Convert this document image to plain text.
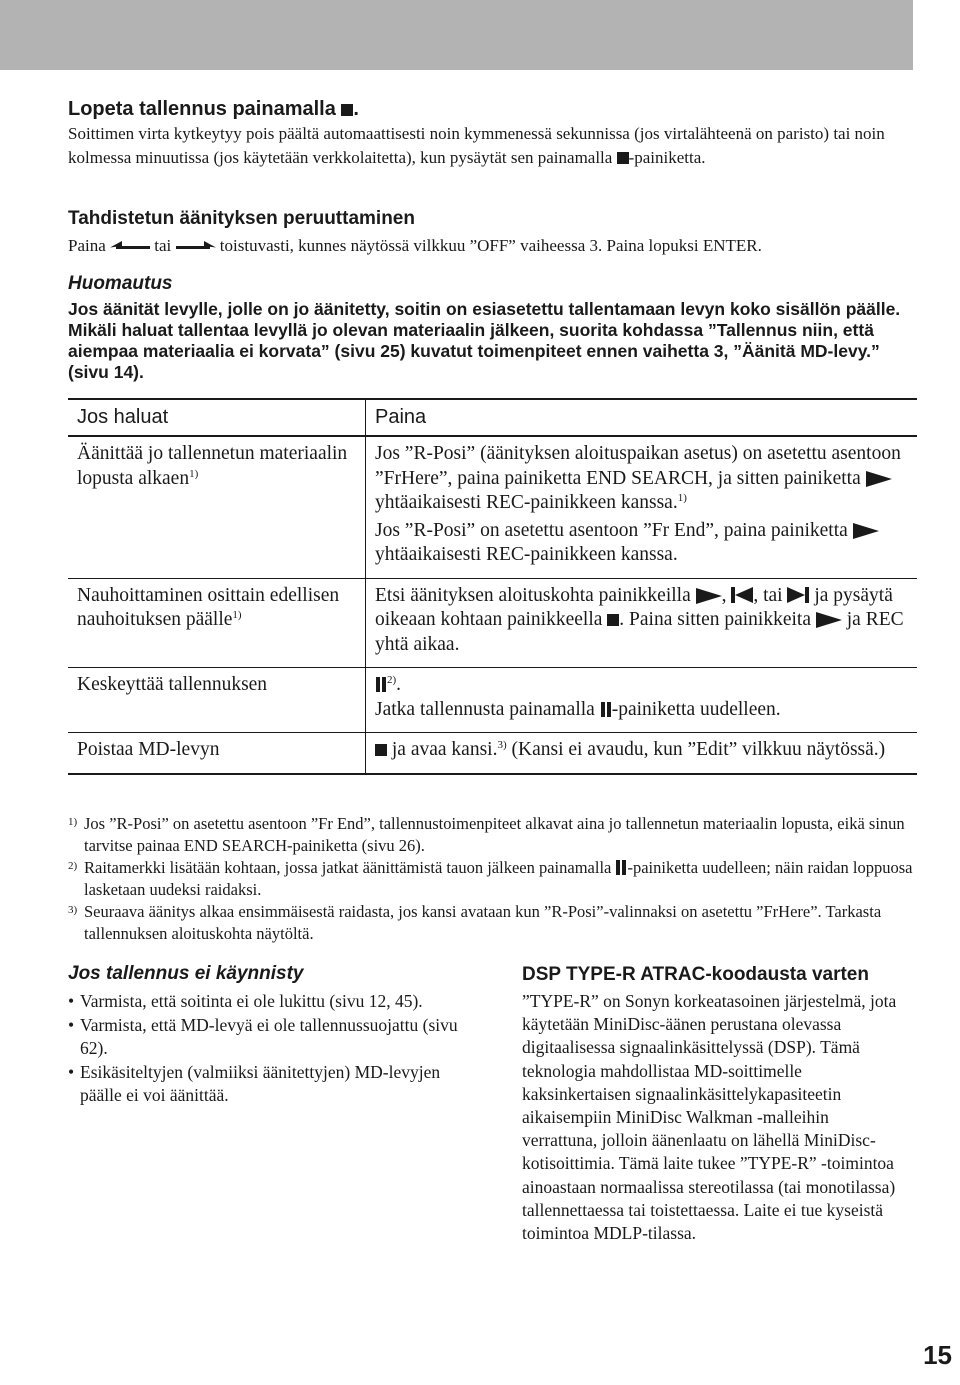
Lopeta tallennus painamalla .

Soittimen virta kytkeytyy pois päältä automaattisesti noin kymmenessä sekunnissa (jos virtalähteenä on paristo) tai noin kolmessa minuutissa (jos käytetään verkkolaitetta), kun pysäytät sen painamalla -painiketta.

Tahdistetun äänityksen peruuttaminen

Paina	tai	toistuvasti, kunnes näytössä vilkkuu ”OFF” vaiheessa 3. Paina lopuksi ENTER.

Huomautus

Jos äänität levylle, jolle on jo äänitetty, soitin on esiasetettu tallentamaan levyn koko sisällön päälle. Mikäli haluat tallentaa levyllä jo olevan materiaalin jälkeen, suorita kohdassa ”Tallennus niin, että aiempaa materiaalia ei korvata” (sivu 25) kuvatut toimenpiteet ennen vaihetta 3, ”Äänitä MD-levy.” (sivu 14).

Jos haluat	Paina
Äänittää jo tallennetun materiaalin lopusta alkaen$^{1)}$	Jos ”R-Posi” (äänityksen aloituspaikan asetus) on asetettu asentoon ”FrHere”, paina painiketta END SEARCH, ja sitten painiketta  yhtäaikaisesti REC-painikkeen kanssa.$^{1)}$
Jos ”R-Posi” on asetettu asentoon ”Fr End”, paina painiketta  yhtäaikaisesti REC-painikkeen kanssa.

Nauhoittaminen osittain edellisen nauhoituksen päälle$^{1)}$	Etsi äänityksen aloituskohta painikkeilla , , tai ja pysäytä oikeaan kohtaan painikkeella . Paina sitten painikkeita ja REC yhtä aikaa.
Keskeyttää tallennuksen	$^{2)}$.
Jatka tallennusta painamalla -painiketta uudelleen.

Poistaa MD-levyn	ja avaa kansi.$^{3)}$ (Kansi ei avaudu, kun ”Edit” vilkkuu näytössä.)
1) Jos ”R-Posi” on asetettu asentoon ”Fr End”, tallennustoimenpiteet alkavat aina jo tallennetun materiaalin lopusta, eikä sinun tarvitse painaa END SEARCH-painiketta (sivu 26).
2) Raitamerkki lisätään kohtaan, jossa jatkat äänittämistä tauon jälkeen painamalla -painiketta uudelleen; näin raidan loppuosa lasketaan uudeksi raidaksi.
3) Seuraava äänitys alkaa ensimmäisestä raidasta, jos kansi avataan kun ”R-Posi”-valinnaksi on asetettu ”FrHere”. Tarkasta tallennuksen aloituskohta näytöltä.
Jos tallennus ei käynnisty
• Varmista, että soitinta ei ole lukittu (sivu 12, 45).
• Varmista, että MD-levyä ei ole tallennussuojattu (sivu 62).
• Esikäsiteltyjen (valmiiksi äänitettyjen) MD-levyjen päälle ei voi äänittää.
DSP TYPE-R ATRAC-koodausta varten

”TYPE-R” on Sonyn korkeatasoinen järjestelmä, jota käytetään MiniDisc-äänen perustana olevassa digitaalisessa signaalinkäsittelyssä (DSP). Tämä teknologia mahdollistaa MD-soittimelle kaksinkertaisen signaalinkäsittelykapasiteetin aikaisempiin MiniDisc Walkman -malleihin verrattuna, jolloin äänenlaatu on lähellä MiniDisc-kotisoittimia. Tämä laite tukee ”TYPE-R” -toimintoa ainoastaan normaalissa stereotilassa (tai monotilassa) tallennettaessa tai toistettaessa. Laite ei tue kyseistä toimintoa MDLP-tilassa.

15
